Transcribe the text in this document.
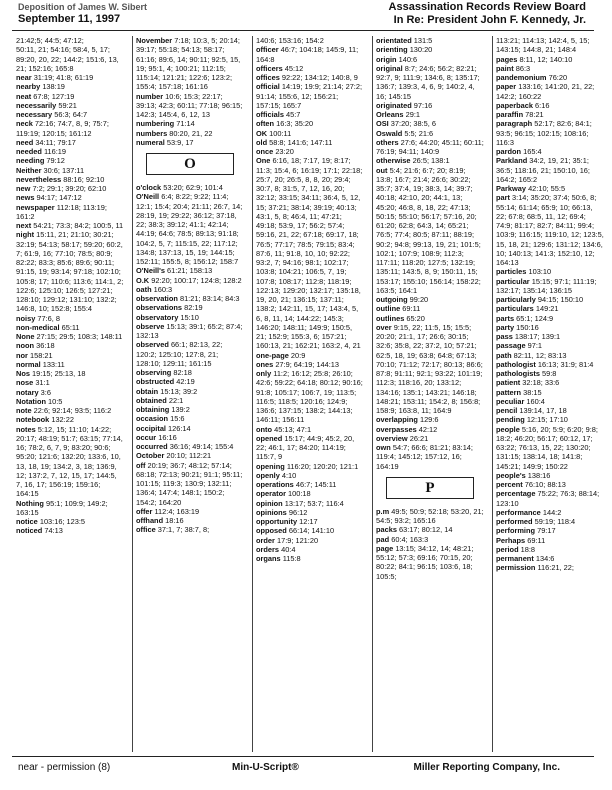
Deposition of James W. Sibert
September 11, 1997
Assassination Records Review Board
In Re: President John F. Kennedy, Jr.
21:42;5; 44:5; 47:12;
50:11, 21; 54:16; 58:4, 5, 17; 89:20, 20, 22; 144:2; 151:6, 13, 21; 152:16; 165:8
near 31:19; 41:8; 61:19
nearby 138:19
neat 67:8; 127:19
necessarily 59:21
necessary 56:3; 64:7
neck 72:16; 74:7, 8, 9; 75:7; 119:19; 120:15; 161:12
need 34:11; 79:17
needed 116:19
needing 79:12
Neither 30:6; 137:11
nevertheless 88:16; 92:10
new 7:2; 29:1; 39:20; 62:10
news 94:17; 147:12
newspaper 112:18; 113:19; 161:2
next 54:21; 73:3; 84:2; 100:5, 11
night 15:11, 21; 21:10; 30:21; 32:19; 54:13; 58:17; 59:20; 60:2, 7; 61:9, 16; 77:10; 78:5; 80:9; 82:22; 83:3; 85:6; 89:6; 90:11; 91:15, 19; 93:14; 97:18; 102:10; 105:8; 17; 110:6; 113:6; 114:1, 2; 122:6; 125:10; 126:5; 127:21; 128:10; 129:12; 131:10; 132:2; 146:8, 10; 152:8; 155:4
noisy 77:6, 8
non-medical 65:11
None 27:15; 29:5; 108:3; 148:11
noon 36:18
nor 158:21
normal 133:11
Nos 19:15; 25:13, 18
nose 31:1
notary 3:6
Notation 10:5
note 22:6; 92:14; 93:5; 116:2
notebook 132:22
notes 5:12, 15; 11:10; 14:22; 20:17; 48:19; 51:7; 63:15; 77:14, 16; 78:2, 6, 7, 9; 83:20; 90:6; 95:20; 121:6; 132:20; 133:6, 10, 13, 18, 19; 134:2, 3, 18; 136:9, 12; 137:2, 7, 12, 15, 17; 144:5, 7, 16, 17; 156:19; 159:16; 164:15
Nothing 95:1; 109:9; 149:2; 163:15
notice 103:16; 123:5
noticed 74:13
November 7:18; 10:3, 5; 20:14; 39:17; 55:18; 54:13; 58:17; 61:16; 89:6, 14; 90:11; 92:5, 15, 19; 95:1, 4; 100:21; 112:15; 115:14; 121:21; 122:6; 123:2; 155:4; 157:18; 161:16
number 10:6; 15:3; 22:17; 39:13; 42:3; 60:11; 77:18; 96:15; 142:3; 145:4, 6, 12, 13
numbering 71:14
numbers 80:20, 21, 22
numeral 53:9, 17
O
o'clock 53:20; 62:9; 101:4
O'Neill 6:4; 8:22; 9:22; 11:4; 12:1; 15:4; 20:4; 21:11; 26:7, 14; 28:19, 19; 29:22; 36:12; 37:18, 22; 38:3; 39:12; 41:1; 42:14; 44:19; 64:6; 78:5; 89:13; 91:18; 104:2, 5, 7; 115:15, 22; 117:12; 134:8; 137:13, 15, 19; 144:15; 152:11; 155:5, 8; 156:12; 158:7
O'Neill's 61:21; 158:13
O.K 92:20; 100:17; 124:8; 128:2
oath 160:3
observation 81:21; 83:14; 84:3
observations 82:19
observatory 15:10
observe 15:13; 39:1; 65:2; 87:4; 132:13
observed 66:1; 82:13, 22; 120:2; 125:10; 127:8, 21; 128:10; 129:11; 161:15
observing 82:18
obstructed 42:19
obtain 15:13; 39:2
obtained 22:1
obtaining 139:2
occasion 15:6
occipital 126:14
occur 16:16
occurred 36:16; 49:14; 155:4
October 20:10; 112:21
off 20:19; 36:7; 48:12; 57:14; 68:18; 72:13; 90:21; 91:1; 95:11; 101:15; 119:3; 130:9; 132:11; 136:4; 147:4; 148:1; 150:2; 154:2; 164:20
offer 112:4; 163:19
offhand 18:16
office 37:1, 7; 38:7, 8;
140:6; 153:16; 154:2
officer 46:7; 104:18; 145:9, 11; 164:8
officers 45:12
offices 92:22; 134:12; 140:8, 9
official 14:19; 19:9; 21:14; 27:2; 91:14; 155:6, 12; 156:21; 157:15; 165:7
officials 45:7
often 16:3; 35:20
OK 100:11
old 58:8; 141:6; 147:11
once 23:20
One 6:16, 18; 7:17, 19; 8:17; 11:3; 15:4, 6; 16:19; 17:1; 22:18; 25:7, 20; 26:5, 8, 8, 20; 29:4; 30:7, 8; 31:5, 7, 12, 16, 20; 32:12; 33:15; 34:11; 36:4, 5, 12, 15; 37:21; 38:14; 39:19; 40:13; 43:1, 5, 8; 46:4, 11; 47:21; 49:18; 53:9, 17; 56:2; 57:4; 59:16, 21, 22; 67:18; 69:17, 18; 76:5; 77:17; 78:5; 79:15; 83:4; 87:6, 11; 91:8, 10, 10; 92:22; 93:2, 7; 94:16; 98:1; 102:17; 103:8; 104:21; 106:5, 7, 19; 107:8; 108:17; 112:8; 118:19; 122:13; 129:20; 132:17; 135:18, 19, 20, 21; 136:15; 137:11; 138:2; 142:11, 15, 17; 143:4, 5, 6, 8, 11, 14; 144:22; 145:3; 146:20; 148:11; 149:9; 150:5, 21; 152:9; 155:3, 6; 157:21; 160:13, 21; 162:21; 163:2, 4, 21
one-page 20:9
ones 27:9; 64:19; 144:13
only 11:2; 16:12; 25:8; 26:10; 42:6; 59:22; 64:18; 80:12; 90:16; 91:8; 105:17; 106:7, 19; 113:5; 116:5; 118:5; 120:16; 124:9; 136:6; 137:15; 138:2; 144:13; 146:11; 156:11
onto 45:13; 47:1
opened 15:17; 44:9; 45:2, 20, 22; 46:1, 17; 84:20; 114:19; 115:7, 9
opening 116:20; 120:20; 121:1
openly 4:10
operations 46:7; 145:11
operator 100:18
opinion 13:17; 53:7; 116:4
opinions 96:12
opportunity 12:17
opposed 66:14; 141:10
order 17:9; 121:20
orders 40:4
organs 115:8
orientated 131:5
orienting 130:20
origin 140:6
original 8:7; 24:6; 56:2; 82:21; 92:7, 9; 111:9; 134:6, 8; 135:17; 136:7; 139:3, 4, 6, 9; 140:2, 4, 16; 145:15
originated 97:16
Orleans 29:1
OSI 37:20; 38:5, 6
Oswald 5:5; 21:6
others 27:6; 44:20; 45:11; 60:11; 76:19; 94:11; 140:9
otherwise 26:5; 138:1
out 5:4; 21:6; 6:7; 20; 8:19; 13:8; 16:7; 21:4; 26:6; 30:22; 35:7; 37:4, 19; 38:3, 14; 39:7; 40:18; 42:10, 20; 44:1, 13; 45:20; 46:8, 8, 18, 22; 47:13; 50:15; 55:10; 56:17; 57:16, 20; 61:20; 62:8; 64:3, 14; 65:21; 76:5; 77:4; 80:5; 87:11; 88:19; 90:2; 94:8; 99:13, 19, 21; 101:5; 102:1; 107:9; 108:9; 112:3; 117:11; 118:20; 127:5; 132:19; 135:11; 143:5, 8, 9; 150:11, 15; 153:17; 155:10; 156:14; 158:22; 163:5; 164:1
outgoing 99:20
outline 69:11
outlines 65:20
over 9:15, 22; 11:5, 15; 15:5; 20:20; 21:1, 17; 26:6; 30:15; 32:6; 35:8, 22; 37:2, 10; 57:21; 62:5, 18, 19; 63:8; 64:8; 67:13; 70:10; 71:12; 72:17; 80:13; 86:6; 87:8; 91:11; 92:1; 93:22; 101:19; 112:3; 118:16, 20; 133:12; 134:16; 135:1; 143:21; 146:18; 148:21; 153:11; 154:2, 8; 156:8; 158:9; 163:8, 11; 164:9
overlapping 129:6
overpasses 42:12
overview 26:21
own 54:7; 66:6; 81:21; 83:14; 119:4; 145:12; 157:12, 16; 164:19
P
p.m 49:5; 50:9; 52:18; 53:20, 21; 54:5; 93:2; 165:16
packs 63:17; 80:12, 14
pad 60:4; 163:3
page 13:15; 34:12, 14; 48:21; 55:12; 57:3; 69:16; 70:15, 20; 80:22; 84:1; 96:15; 103:6, 18; 105:5;
113:21; 114:13; 142:4, 5, 15; 143:15; 144:8, 21; 148:4
pages 8:11, 12; 140:10
paint 86:3
pandemonium 76:20
paper 133:16; 141:20, 21, 22; 142:2; 160:22
paperback 6:16
paraffin 78:21
paragraph 52:17; 82:6; 84:1; 93:5; 96:15; 102:15; 108:16; 116:3
pardon 165:4
Parkland 34:2, 19, 21; 35:1; 36:5; 118:16, 21; 150:10, 16; 164:2; 165:2
Parkway 42:10; 55:5
part 3:14; 35:20; 37:4; 50:6, 8; 55:14; 61:14; 65:9; 10; 66:13, 22; 67:8; 68:5, 11, 12; 69:4; 74:9; 81:17; 82:7; 84:11; 99:4; 103:9; 116:15; 119:10, 12; 123:5, 15, 18, 21; 129:6; 131:12; 134:6, 10; 140:13; 141:3; 152:10, 12; 164:13
particles 103:10
particular 15:15; 97:1; 111:19; 132:17; 135:14; 136:15
particularly 94:15; 150:10
particulars 149:21
parts 65:1; 124:9
party 150:16
pass 138:17; 139:1
passage 97:1
path 82:11, 12; 83:13
pathologist 16:13; 31:9; 81:4
pathologists 59:8
patient 32:18; 33:6
pattern 38:15
peculiar 160:4
pencil 139:14, 17, 18
pending 12:15; 17:10
people 5:16, 20; 5:9; 6:20; 9:8; 18:2; 46:20; 56:17; 60:12, 17; 63:22; 76:13, 15, 22; 130:20; 131:15; 138:14, 18; 141:8; 145:21; 149:9; 150:22
people's 138:16
percent 76:10; 88:13
percentage 75:22; 76:3; 88:14; 123:10
performance 144:2
performed 59:19; 118:4
performing 79:17
Perhaps 69:11
period 18:8
permanent 134:6
permission 116:21, 22;
near - permission (8)	Min-U-Script®	Miller Reporting Company, Inc.
